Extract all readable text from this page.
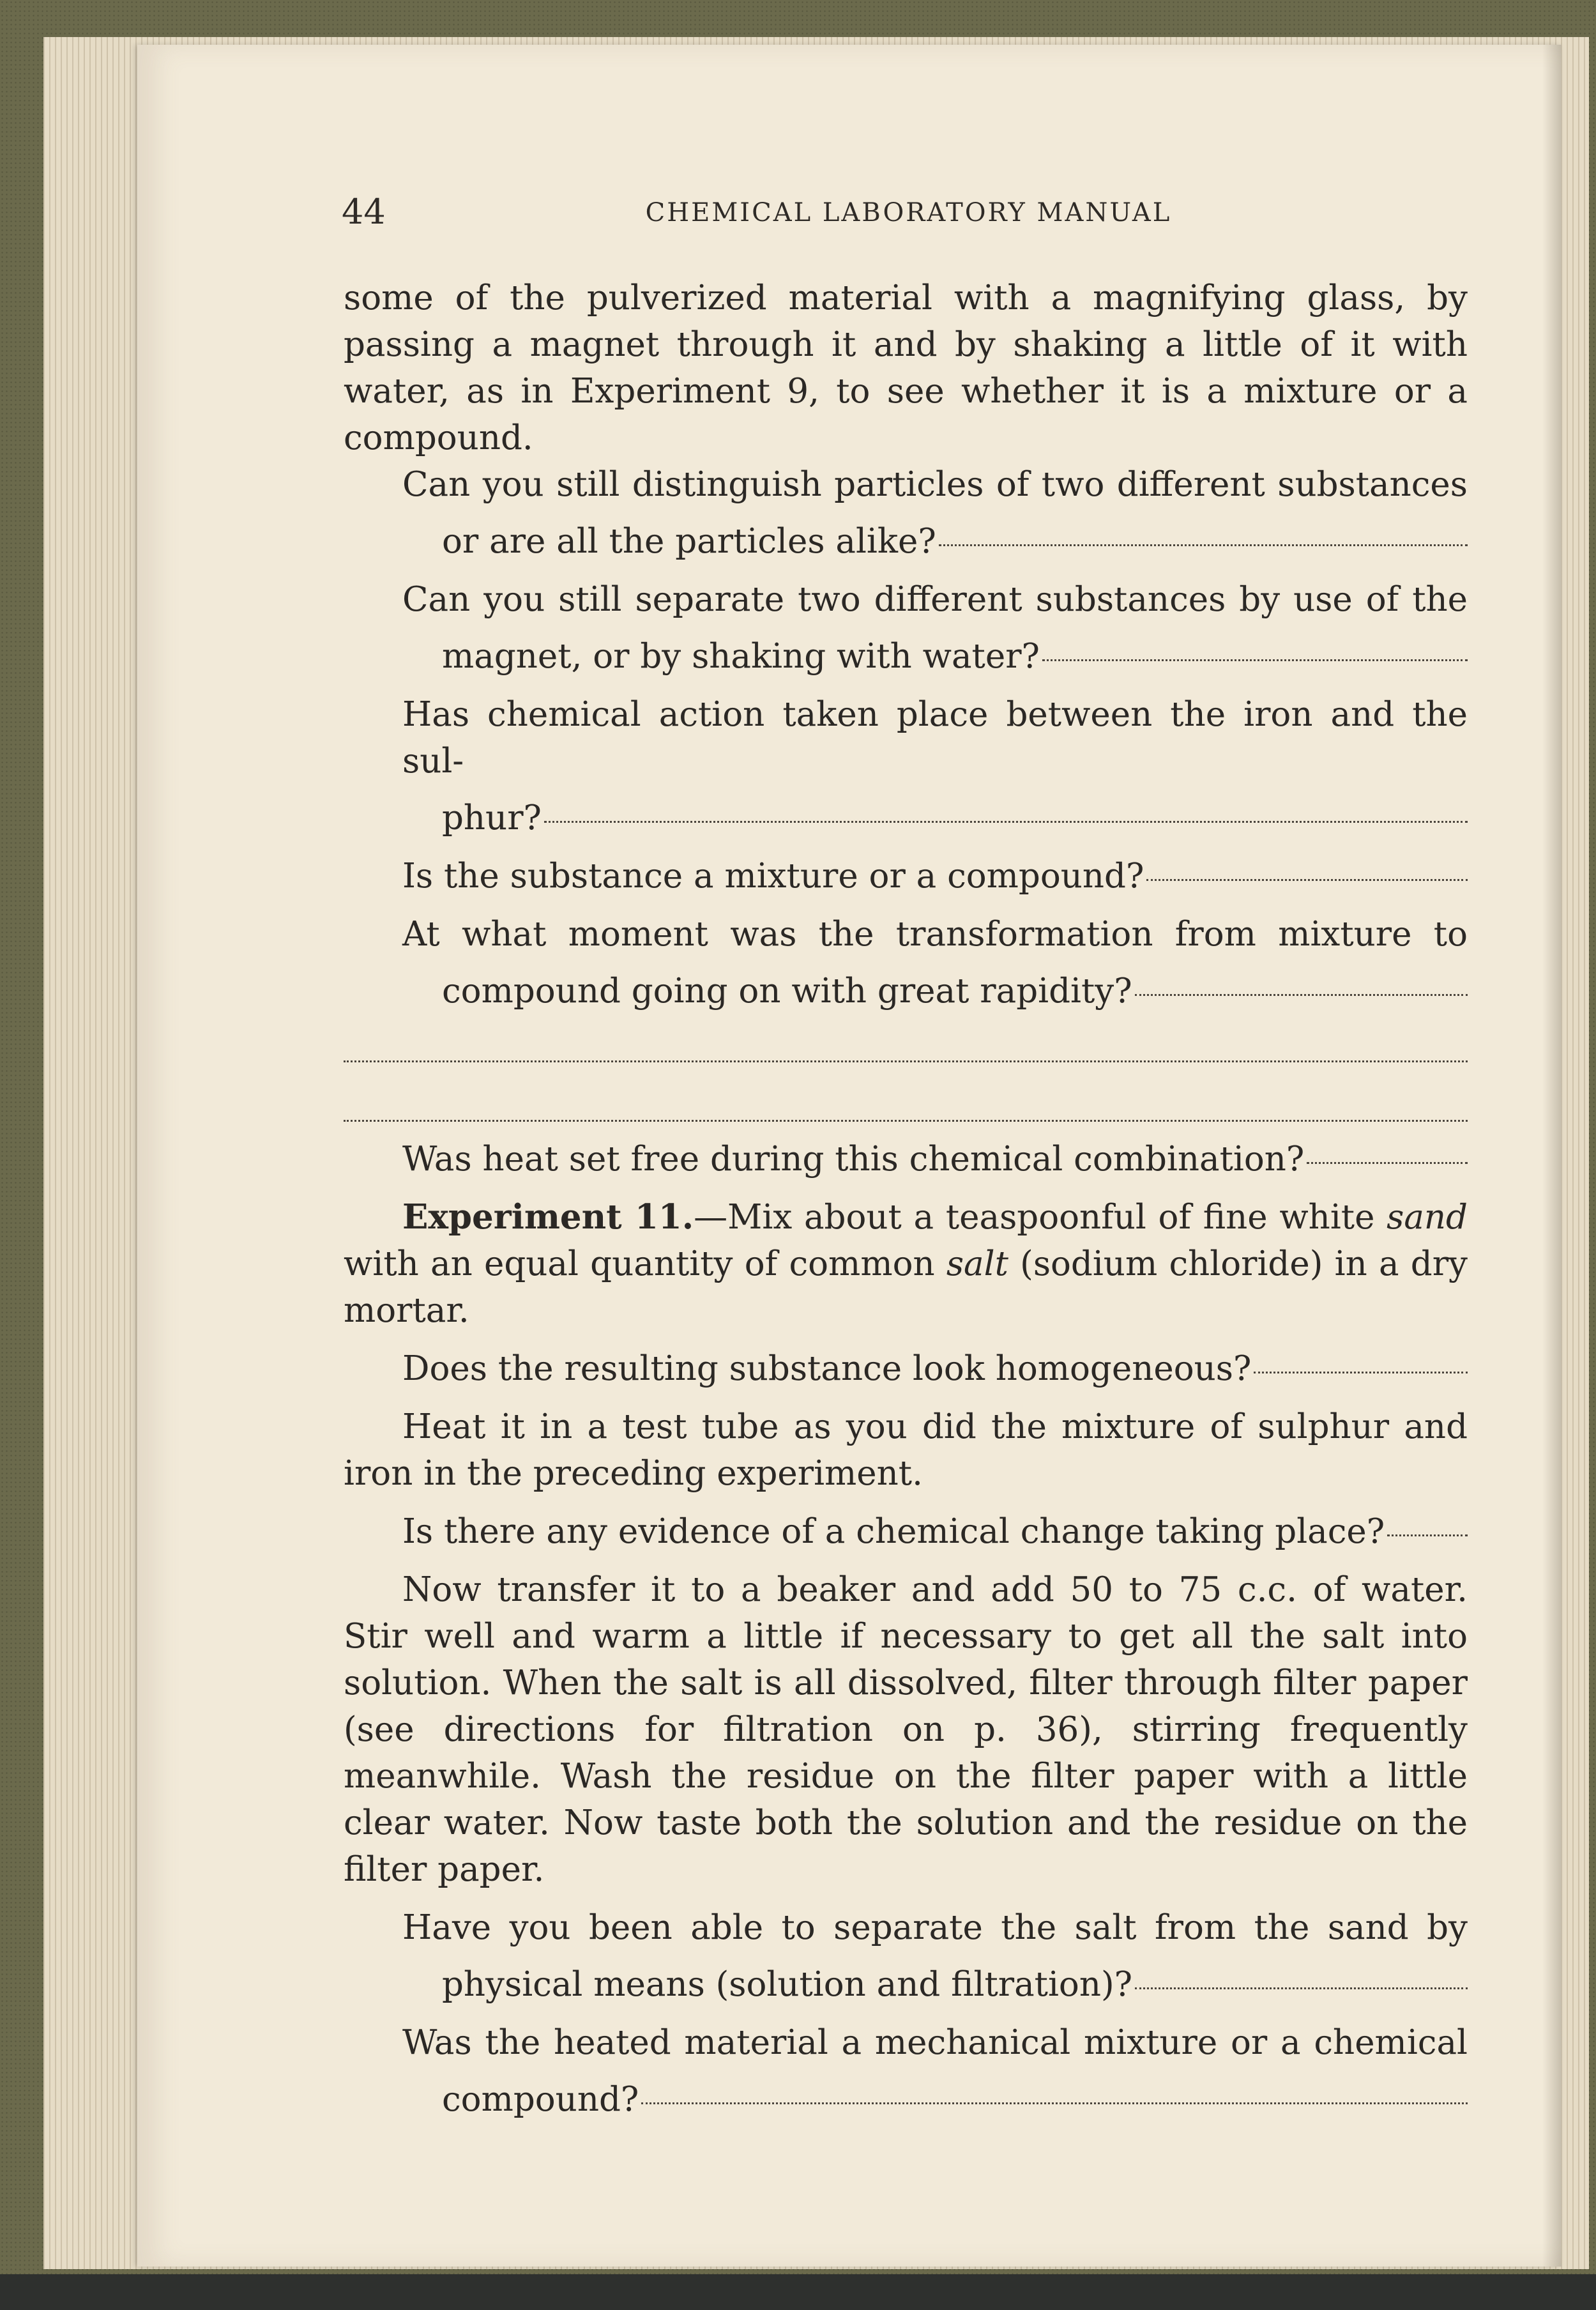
44	CHEMICAL LABORATORY MANUAL

some of the pulverized material with a magnifying glass, by passing a magnet through it and by shaking a little of it with water, as in Experiment 9, to see whether it is a mixture or a compound.

Can you still distinguish particles of two different substances
or are all the particles alike?
Can you still separate two different substances by use of the
magnet, or by shaking with water?
Has chemical action taken place between the iron and the sul-
phur?
Is the substance a mixture or a compound?
At what moment was the transformation from mixture to
compound going on with great rapidity?
Was heat set free during this chemical combination?

Experiment 11.—Mix about a teaspoonful of fine white sand with an equal quantity of common salt (sodium chloride) in a dry mortar.

Does the resulting substance look homogeneous?

Heat it in a test tube as you did the mixture of sulphur and iron in the preceding experiment.

Is there any evidence of a chemical change taking place?

Now transfer it to a beaker and add 50 to 75 c.c. of water. Stir well and warm a little if necessary to get all the salt into solution. When the salt is all dissolved, filter through filter paper (see directions for filtration on p. 36), stirring frequently meanwhile. Wash the residue on the filter paper with a little clear water. Now taste both the solution and the residue on the filter paper.

Have you been able to separate the salt from the sand by
physical means (solution and filtration)?
Was the heated material a mechanical mixture or a chemical
compound?
